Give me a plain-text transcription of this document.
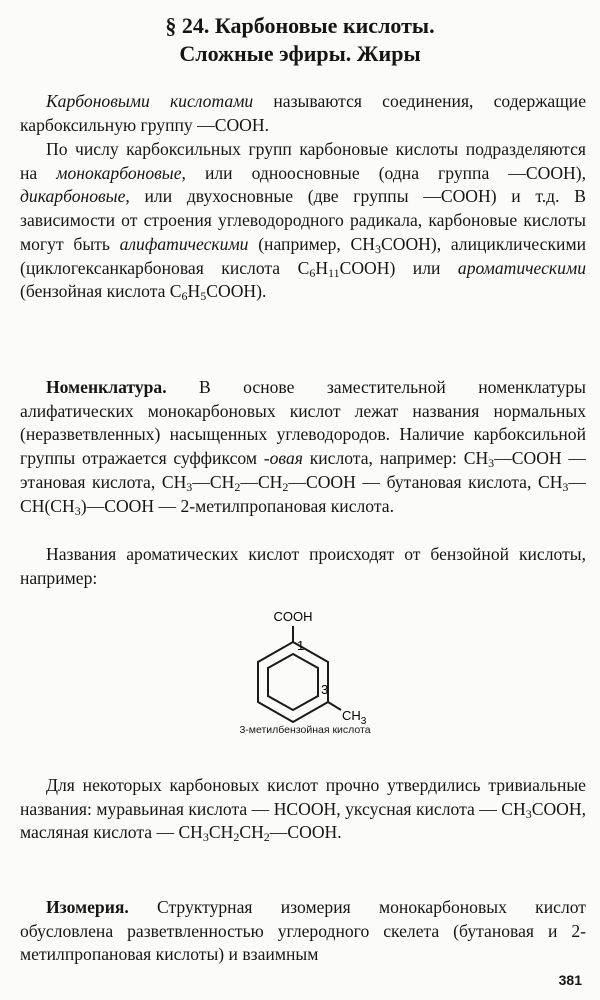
§ 24. Карбоновые кислоты.
Сложные эфиры. Жиры

Карбоновыми кислотами называются соединения, содержащие карбоксильную группу —COOH.

По числу карбоксильных групп карбоновые кислоты подразделяются на монокарбоновые, или одноосновные (одна группа —COOH), дикарбоновые, или двухосновные (две группы —COOH) и т.д. В зависимости от строения углеводородного радикала, карбоновые кислоты могут быть алифатическими (например, $CH_3COOH$), алициклическими (циклогексанкарбоновая кислота $C_6H_{11}COOH$) или ароматическими (бензойная кислота $C_6H_5COOH$).

Номенклатура. В основе заместительной номенклатуры алифатических монокарбоновых кислот лежат названия нормальных (неразветвленных) насыщенных углеводородов. Наличие карбоксильной группы отражается суффиксом -овая кислота, например: $CH_3—COOH$ — этановая кислота, $CH_3—CH_2—CH_2—COOH$ — бутановая кислота, $CH_3—CH(CH_3)—COOH$ — 2-метилпропановая кислота.

Названия ароматических кислот происходят от бензойной кислоты, например:

COOH
1
3
$CH_3$
3-метилбензойная кислота

Для некоторых карбоновых кислот прочно утвердились тривиальные названия: муравьиная кислота — HCOOH, уксусная кислота — $CH_3COOH$, масляная кислота — $CH_3CH_2CH_2—COOH$.

Изомерия. Структурная изомерия монокарбоновых кислот обусловлена разветвленностью углеродного скелета (бутановая и 2-метилпропановая кислоты) и взаимным

381
